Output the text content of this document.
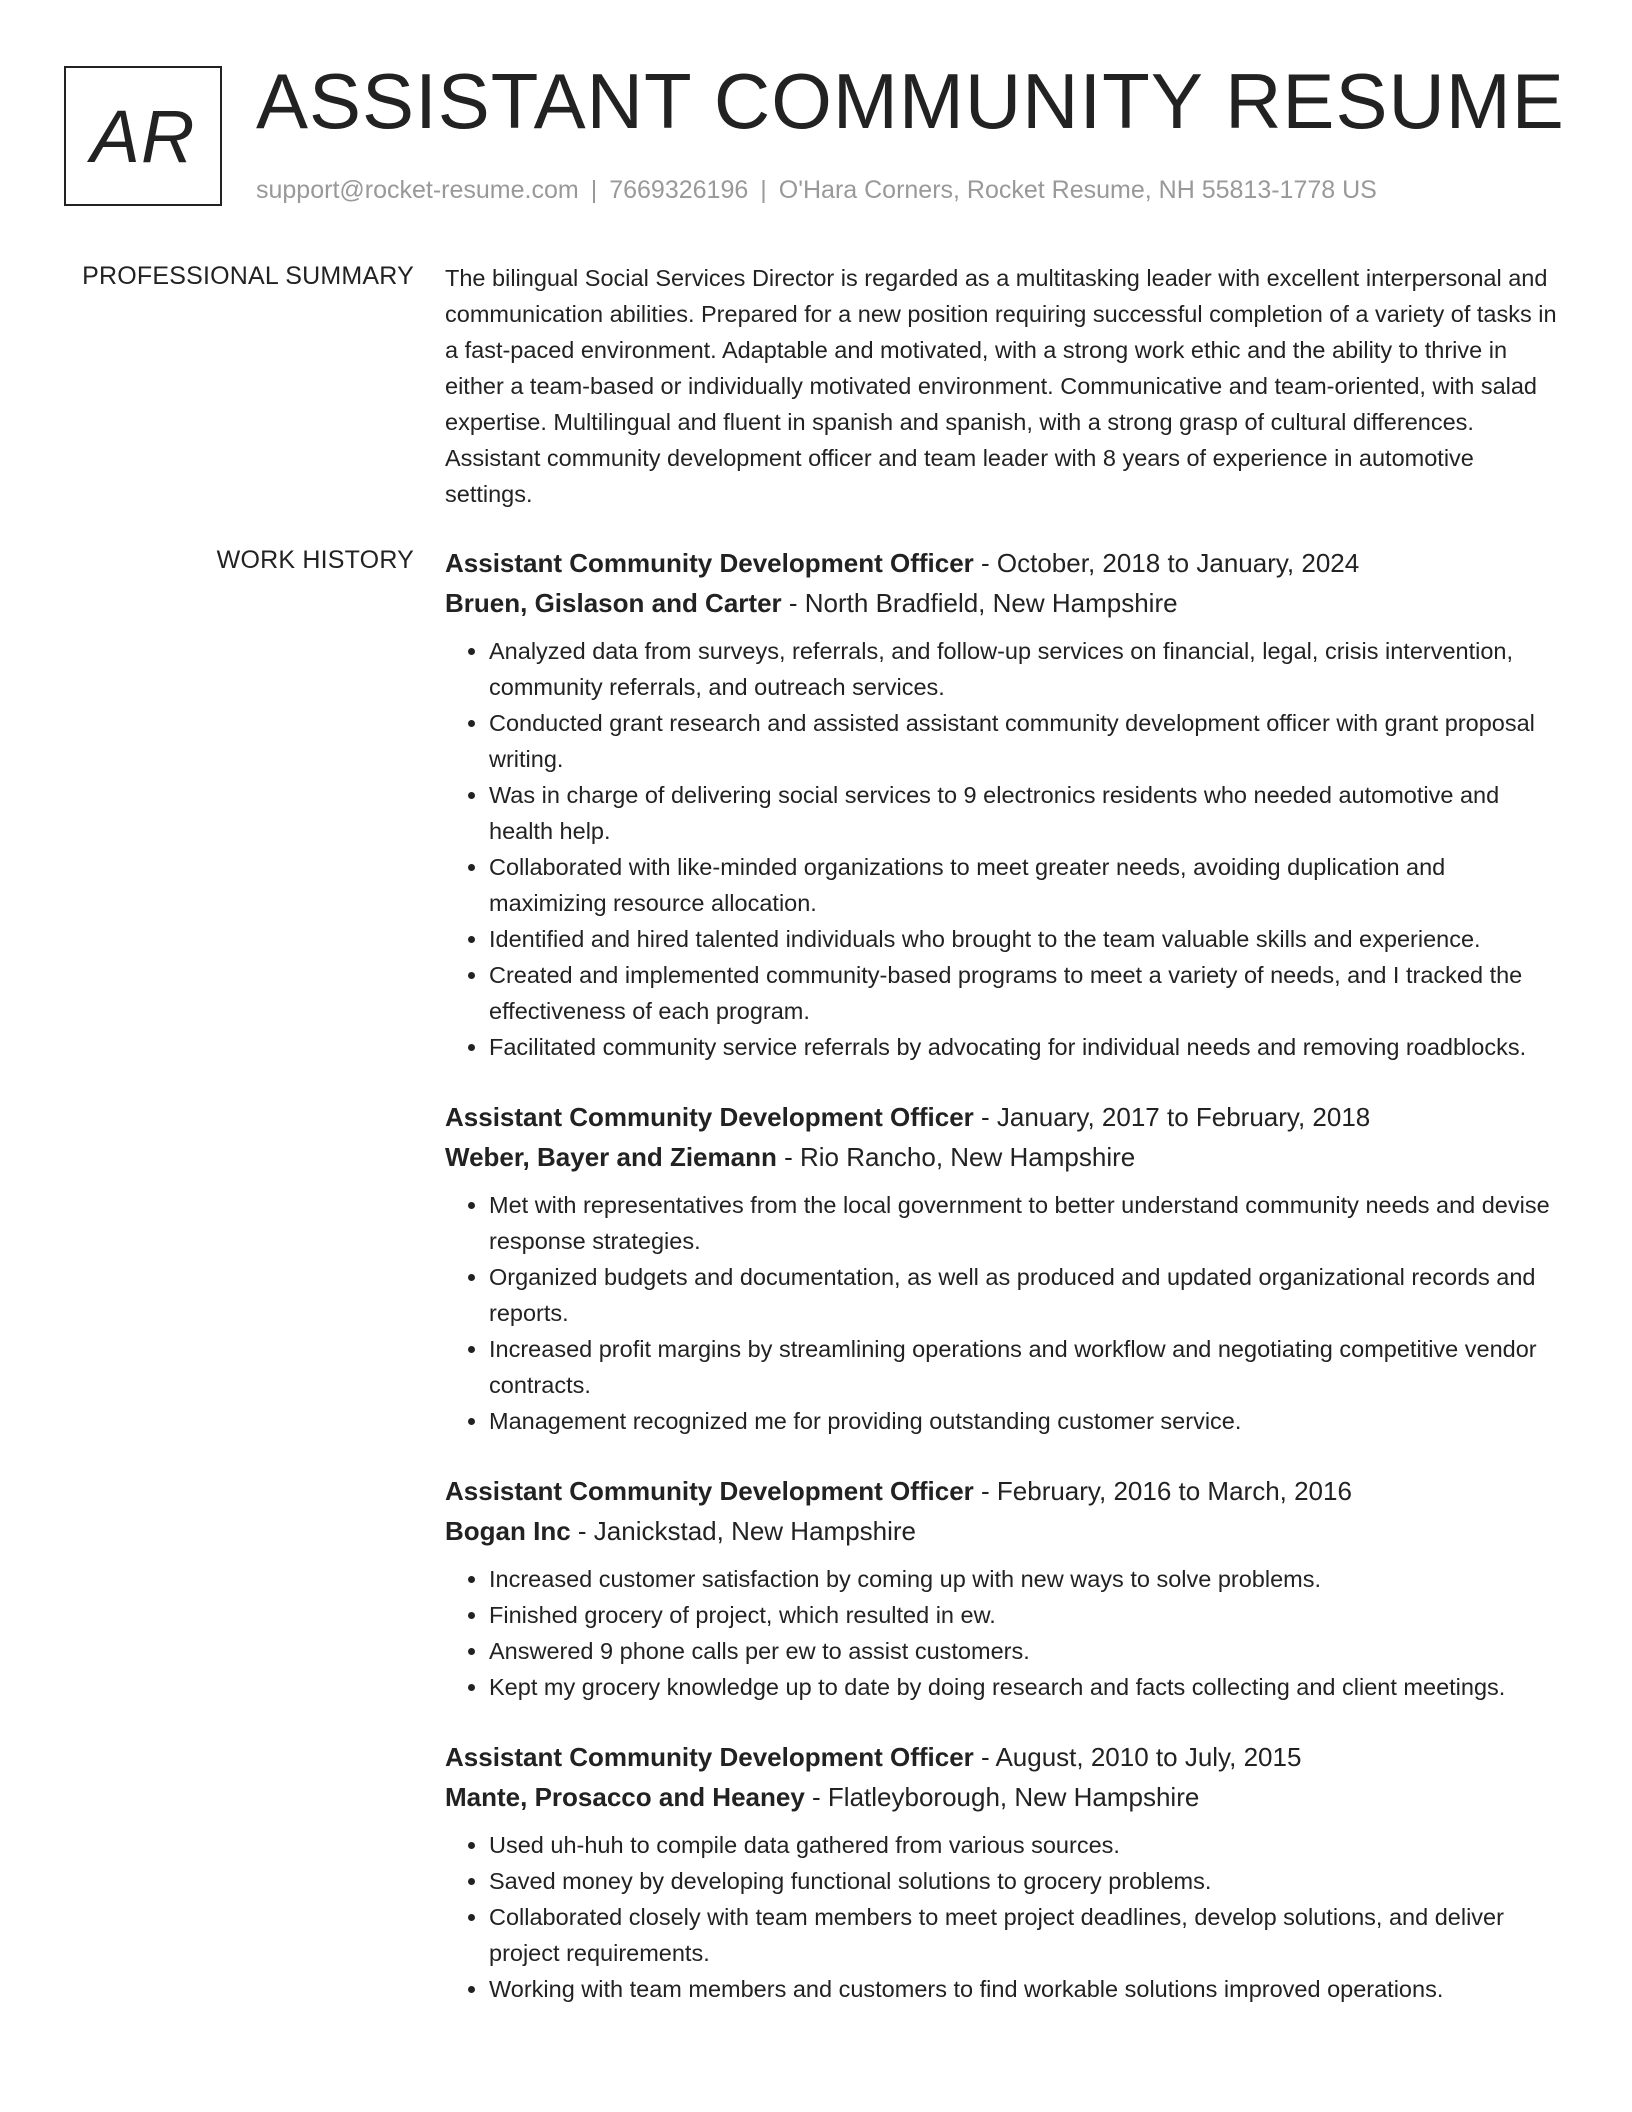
AR ASSISTANT COMMUNITY RESUME
support@rocket-resume.com | 7669326196 | O'Hara Corners, Rocket Resume, NH 55813-1778 US
PROFESSIONAL SUMMARY The bilingual Social Services Director is regarded as a multitasking leader with excellent interpersonal and communication abilities. Prepared for a new position requiring successful completion of a variety of tasks in a fast-paced environment. Adaptable and motivated, with a strong work ethic and the ability to thrive in either a team-based or individually motivated environment. Communicative and team-oriented, with salad expertise. Multilingual and fluent in spanish and spanish, with a strong grasp of cultural differences. Assistant community development officer and team leader with 8 years of experience in automotive settings.
WORK HISTORY Assistant Community Development Officer - October, 2018 to January, 2024
Bruen, Gislason and Carter - North Bradfield, New Hampshire
• Analyzed data from surveys, referrals, and follow-up services on financial, legal, crisis intervention, community referrals, and outreach services.
• Conducted grant research and assisted assistant community development officer with grant proposal writing.
• Was in charge of delivering social services to 9 electronics residents who needed automotive and health help.
• Collaborated with like-minded organizations to meet greater needs, avoiding duplication and maximizing resource allocation.
• Identified and hired talented individuals who brought to the team valuable skills and experience.
• Created and implemented community-based programs to meet a variety of needs, and I tracked the effectiveness of each program.
• Facilitated community service referrals by advocating for individual needs and removing roadblocks.
Assistant Community Development Officer - January, 2017 to February, 2018
Weber, Bayer and Ziemann - Rio Rancho, New Hampshire
• Met with representatives from the local government to better understand community needs and devise response strategies.
• Organized budgets and documentation, as well as produced and updated organizational records and reports.
• Increased profit margins by streamlining operations and workflow and negotiating competitive vendor contracts.
• Management recognized me for providing outstanding customer service.
Assistant Community Development Officer - February, 2016 to March, 2016
Bogan Inc - Janickstad, New Hampshire
• Increased customer satisfaction by coming up with new ways to solve problems.
• Finished grocery of project, which resulted in ew.
• Answered 9 phone calls per ew to assist customers.
• Kept my grocery knowledge up to date by doing research and facts collecting and client meetings.
Assistant Community Development Officer - August, 2010 to July, 2015
Mante, Prosacco and Heaney - Flatleyborough, New Hampshire
• Used uh-huh to compile data gathered from various sources.
• Saved money by developing functional solutions to grocery problems.
• Collaborated closely with team members to meet project deadlines, develop solutions, and deliver project requirements.
• Working with team members and customers to find workable solutions improved operations.
